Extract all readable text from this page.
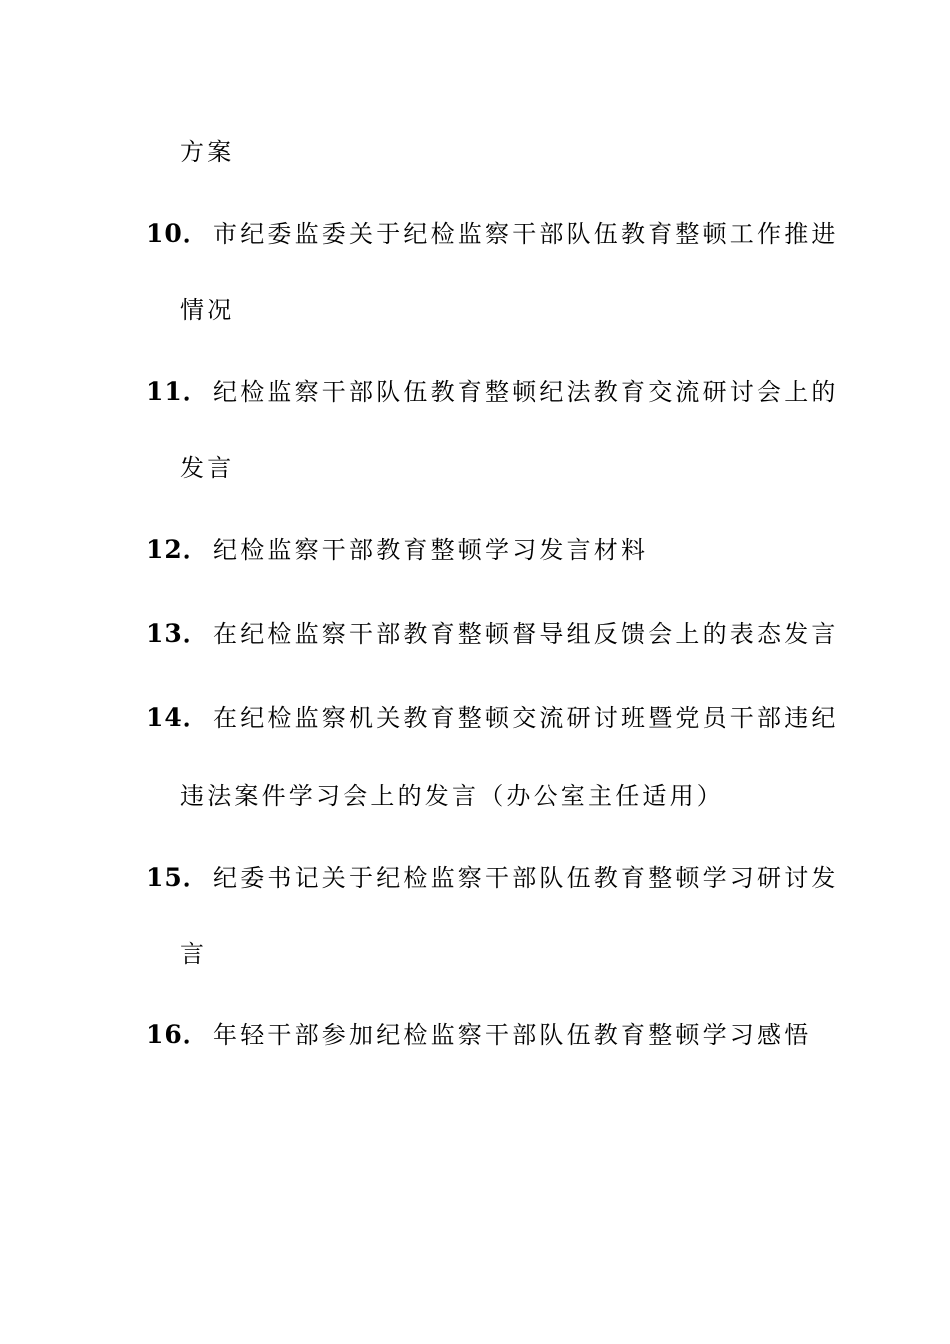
方案
10． 市纪委监委关于纪检监察干部队伍教育整顿工作推进
情况
11． 纪检监察干部队伍教育整顿纪法教育交流研讨会上的
发言
12． 纪检监察干部教育整顿学习发言材料
13． 在纪检监察干部教育整顿督导组反馈会上的表态发言
14． 在纪检监察机关教育整顿交流研讨班暨党员干部违纪
违法案件学习会上的发言（办公室主任适用）
15． 纪委书记关于纪检监察干部队伍教育整顿学习研讨发
言
16． 年轻干部参加纪检监察干部队伍教育整顿学习感悟
